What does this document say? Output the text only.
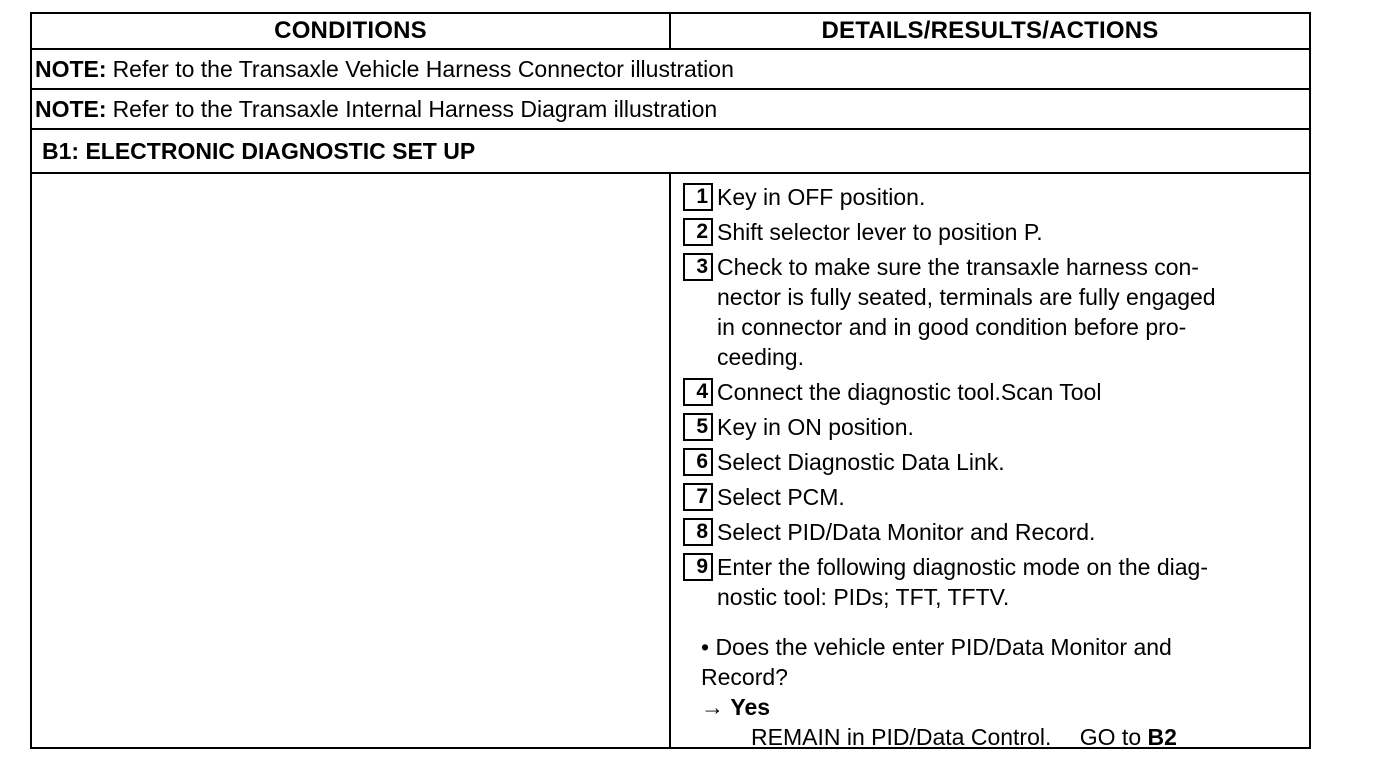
CONDITIONS	DETAILS/RESULTS/ACTIONS
NOTE: Refer to the Transaxle Vehicle Harness Connector illustration
NOTE: Refer to the Transaxle Internal Harness Diagram illustration
B1: ELECTRONIC DIAGNOSTIC SET UP
1 Key in OFF position.
2 Shift selector lever to position P.
3 Check to make sure the transaxle harness con-
nector is fully seated, terminals are fully engaged
in connector and in good condition before pro-
ceeding.
4 Connect the diagnostic tool.Scan Tool
5 Key in ON position.
6 Select Diagnostic Data Link.
7 Select PCM.
8 Select PID/Data Monitor and Record.
9 Enter the following diagnostic mode on the diag-
nostic tool: PIDs; TFT, TFTV.
• Does the vehicle enter PID/Data Monitor and
Record?
→ Yes
REMAIN in PID/Data Control. GO to B2
